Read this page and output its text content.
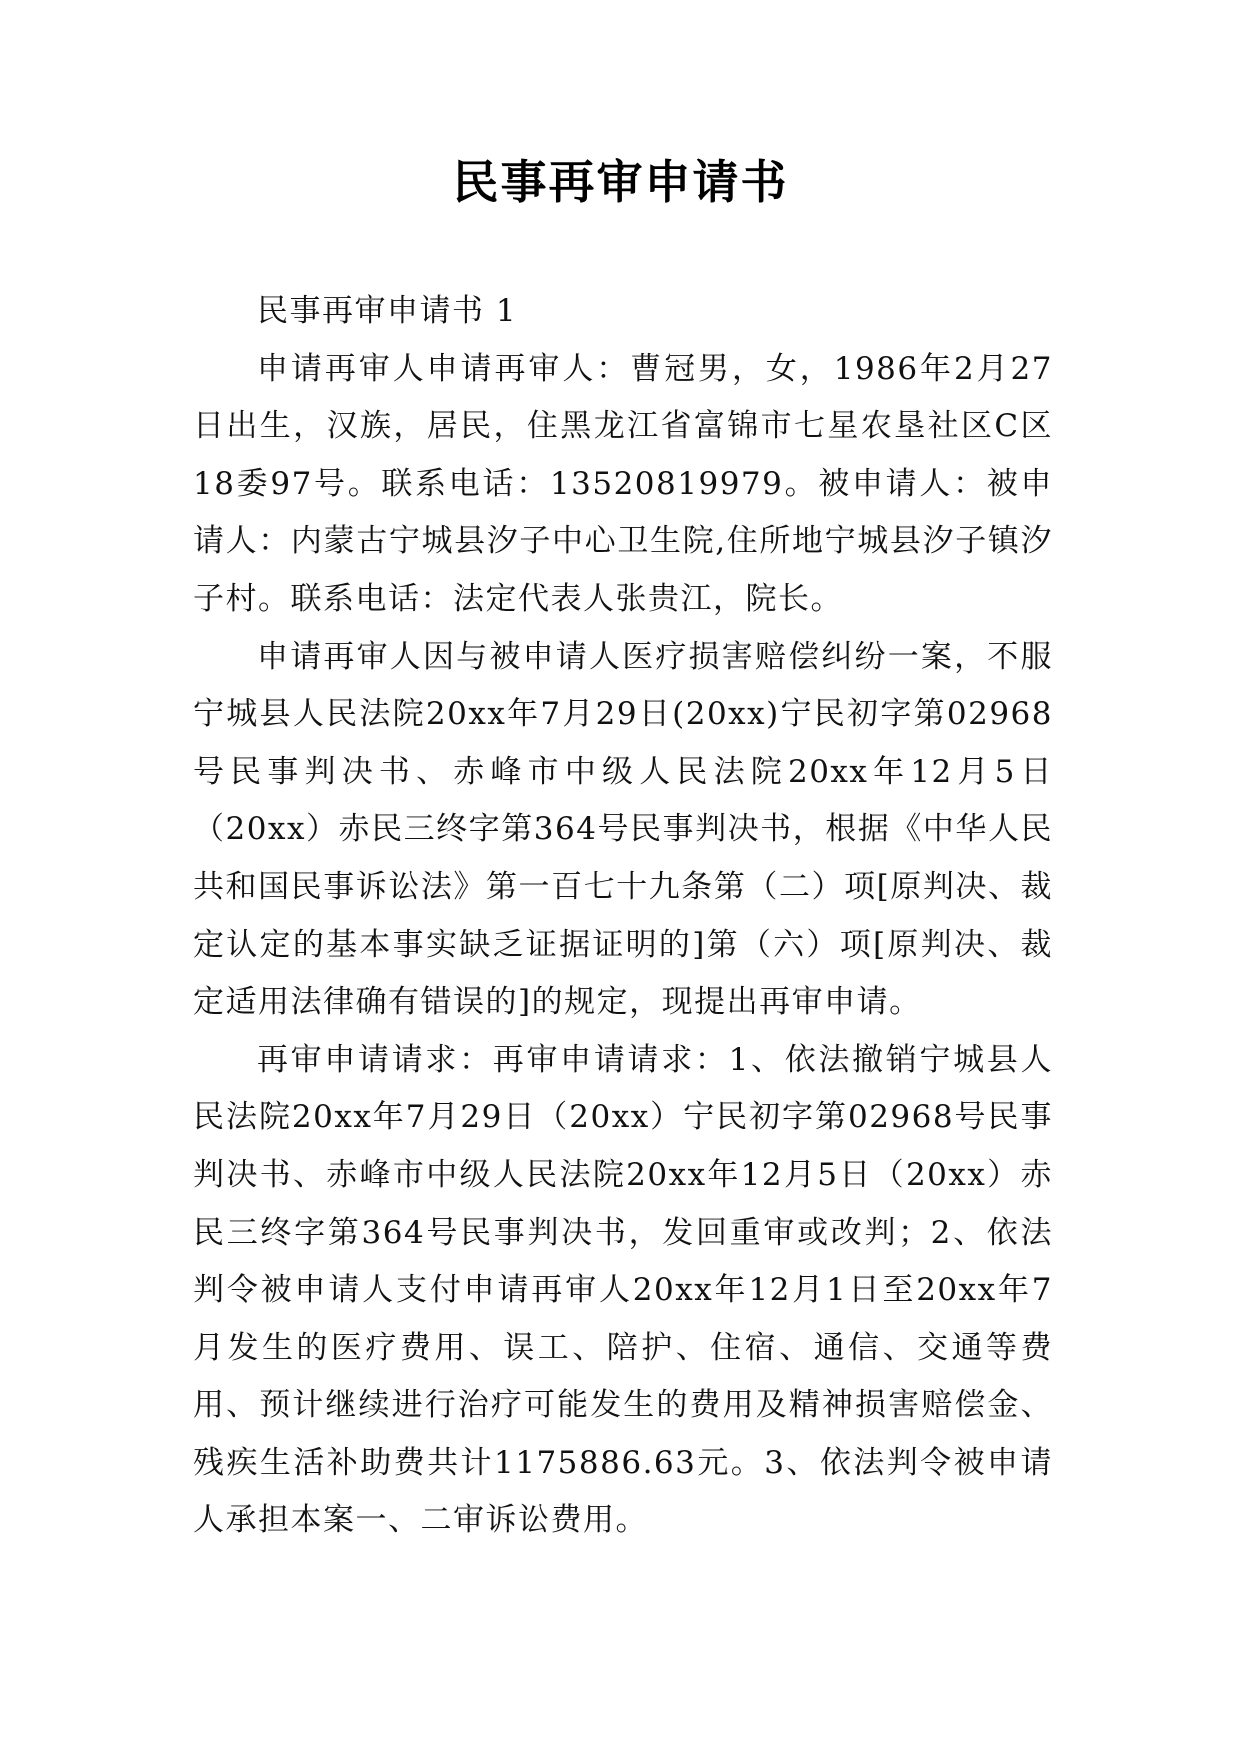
民事再审申请书

民事再审申请书 1

申请再审人申请再审人：曹冠男，女，1986年2月27日出生，汉族，居民，住黑龙江省富锦市七星农垦社区C区18委97号。联系电话：13520819979。被申请人：被申请人：内蒙古宁城县汐子中心卫生院,住所地宁城县汐子镇汐子村。联系电话：法定代表人张贵江，院长。

申请再审人因与被申请人医疗损害赔偿纠纷一案，不服宁城县人民法院20xx年7月29日(20xx)宁民初字第02968号民事判决书、赤峰市中级人民法院20xx年12月5日（20xx）赤民三终字第364号民事判决书，根据《中华人民共和国民事诉讼法》第一百七十九条第（二）项[原判决、裁定认定的基本事实缺乏证据证明的]第（六）项[原判决、裁定适用法律确有错误的]的规定，现提出再审申请。

再审申请请求：再审申请请求：1、依法撤销宁城县人民法院20xx年7月29日（20xx）宁民初字第02968号民事判决书、赤峰市中级人民法院20xx年12月5日（20xx）赤民三终字第364号民事判决书，发回重审或改判；2、依法判令被申请人支付申请再审人20xx年12月1日至20xx年7月发生的医疗费用、误工、陪护、住宿、通信、交通等费用、预计继续进行治疗可能发生的费用及精神损害赔偿金、残疾生活补助费共计1175886.63元。3、依法判令被申请人承担本案一、二审诉讼费用。
